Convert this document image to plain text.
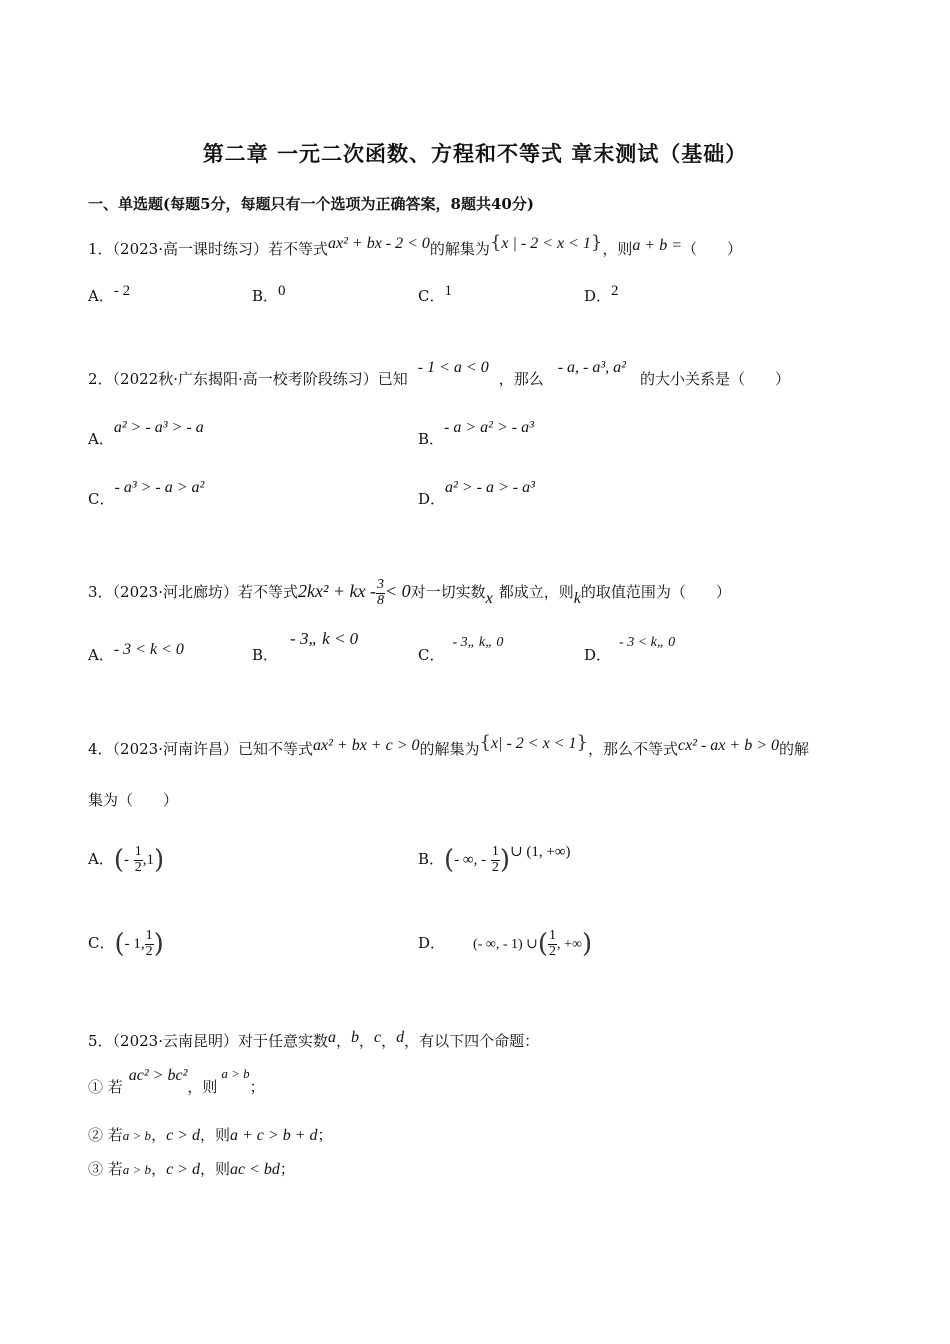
第二章 一元二次函数、方程和不等式 章末测试（基础）
一、单选题(每题5分，每题只有一个选项为正确答案，8题共40分)
1．（2023·高一课时练习）若不等式ax² + bx - 2 < 0的解集为{x | - 2 < x < 1}，则a + b =（　　）
A．- 2	B．0	C．1	D．2
2．（2022秋·广东揭阳·高一校考阶段练习）已知- 1 < a < 0，那么- a, - a³, a²的大小关系是（　　）
A．a² > - a³ > - a
B．- a > a² > - a³
C．- a³ > - a > a²
D．a² > - a > - a³
3．（2023·河北廊坊）若不等式2kx² + kx - $\frac{3}{8} < 0$对一切实数x 都成立，则k的取值范围为（　　）
A．- 3 < k < 0	B．- 3„ k < 0
C．- 3„ k„ 0
D．- 3 < k„ 0
4．（2023·河南许昌）已知不等式ax² + bx + c > 0的解集为{x| - 2 < x < 1}，那么不等式cx² - ax + b > 0的解
集为（　　）
A．(- $\frac{1}{2} ,1$)	B．(- ∞, - $\frac{1}{2}$ )∪ (1, +∞)
C．(- 1, $\frac{1}{2}$ )	D． (- ∞, - 1) ∪( $\frac{1}{2}$ , +∞)
5．（2023·云南昆明）对于任意实数a，b，c，d，有以下四个命题：
① 若ac² > bc²，则a > b；
② 若a > b，c > d，则a + c > b + d；
③ 若a > b，c > d，则ac < bd；
